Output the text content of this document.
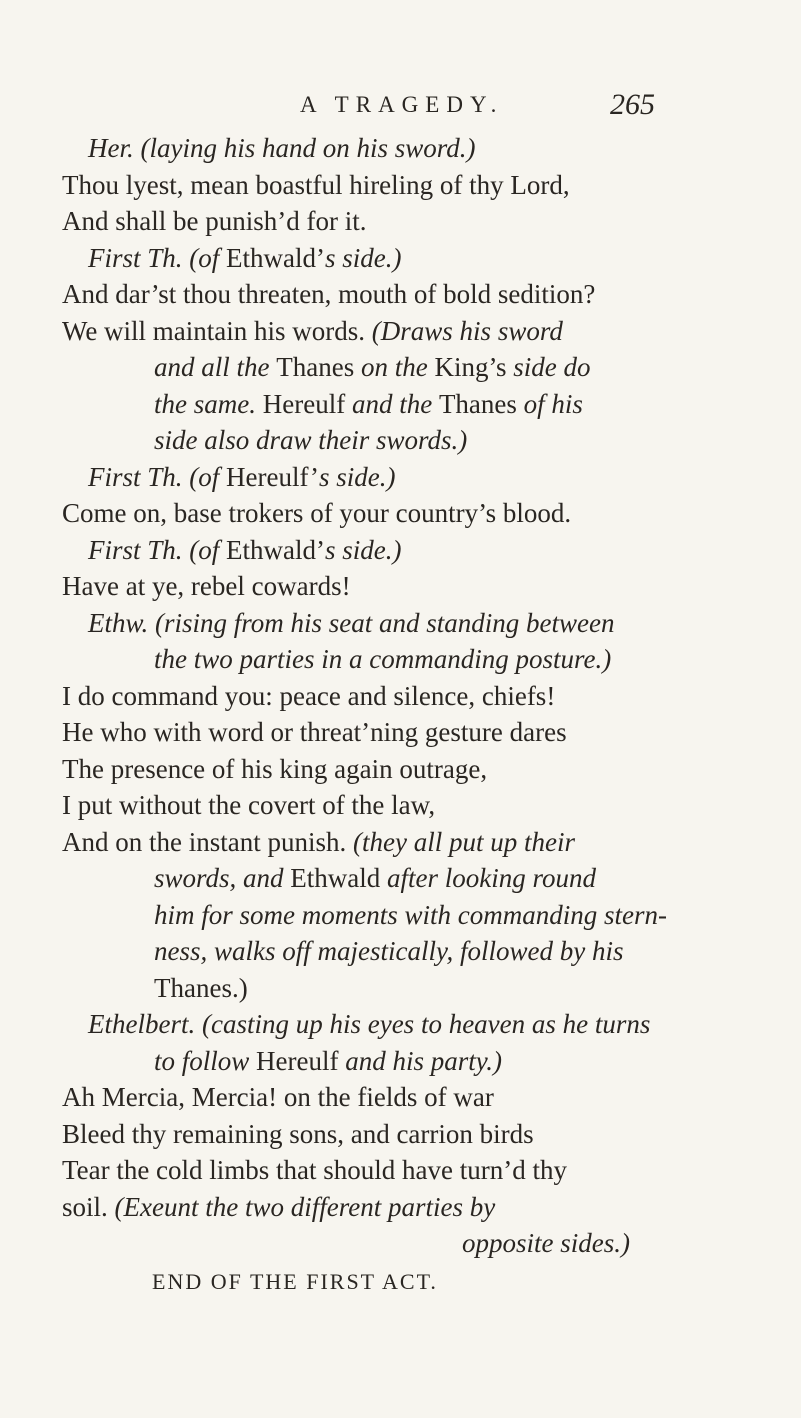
A TRAGEDY.	265
Her. (laying his hand on his sword.)
Thou lyest, mean boastful hireling of thy Lord,
And shall be punish’d for it.
First Th. (of Ethwald’s side.)
And dar’st thou threaten, mouth of bold sedition?
We will maintain his words. (Draws his sword
and all the Thanes on the King’s side do
the same. Hereulf and the Thanes of his
side also draw their swords.)
First Th. (of Hereulf’s side.)
Come on, base trokers of your country’s blood.
First Th. (of Ethwald’s side.)
Have at ye, rebel cowards!
Ethw. (rising from his seat and standing between
the two parties in a commanding posture.)
I do command you: peace and silence, chiefs!
He who with word or threat’ning gesture dares
The presence of his king again outrage,
I put without the covert of the law,
And on the instant punish. (they all put up their
swords, and Ethwald after looking round
him for some moments with commanding stern-
ness, walks off majestically, followed by his
Thanes.)
Ethelbert. (casting up his eyes to heaven as he turns
to follow Hereulf and his party.)
Ah Mercia, Mercia! on the fields of war
Bleed thy remaining sons, and carrion birds
Tear the cold limbs that should have turn’d thy
soil. (Exeunt the two different parties by
opposite sides.)
END OF THE FIRST ACT.
